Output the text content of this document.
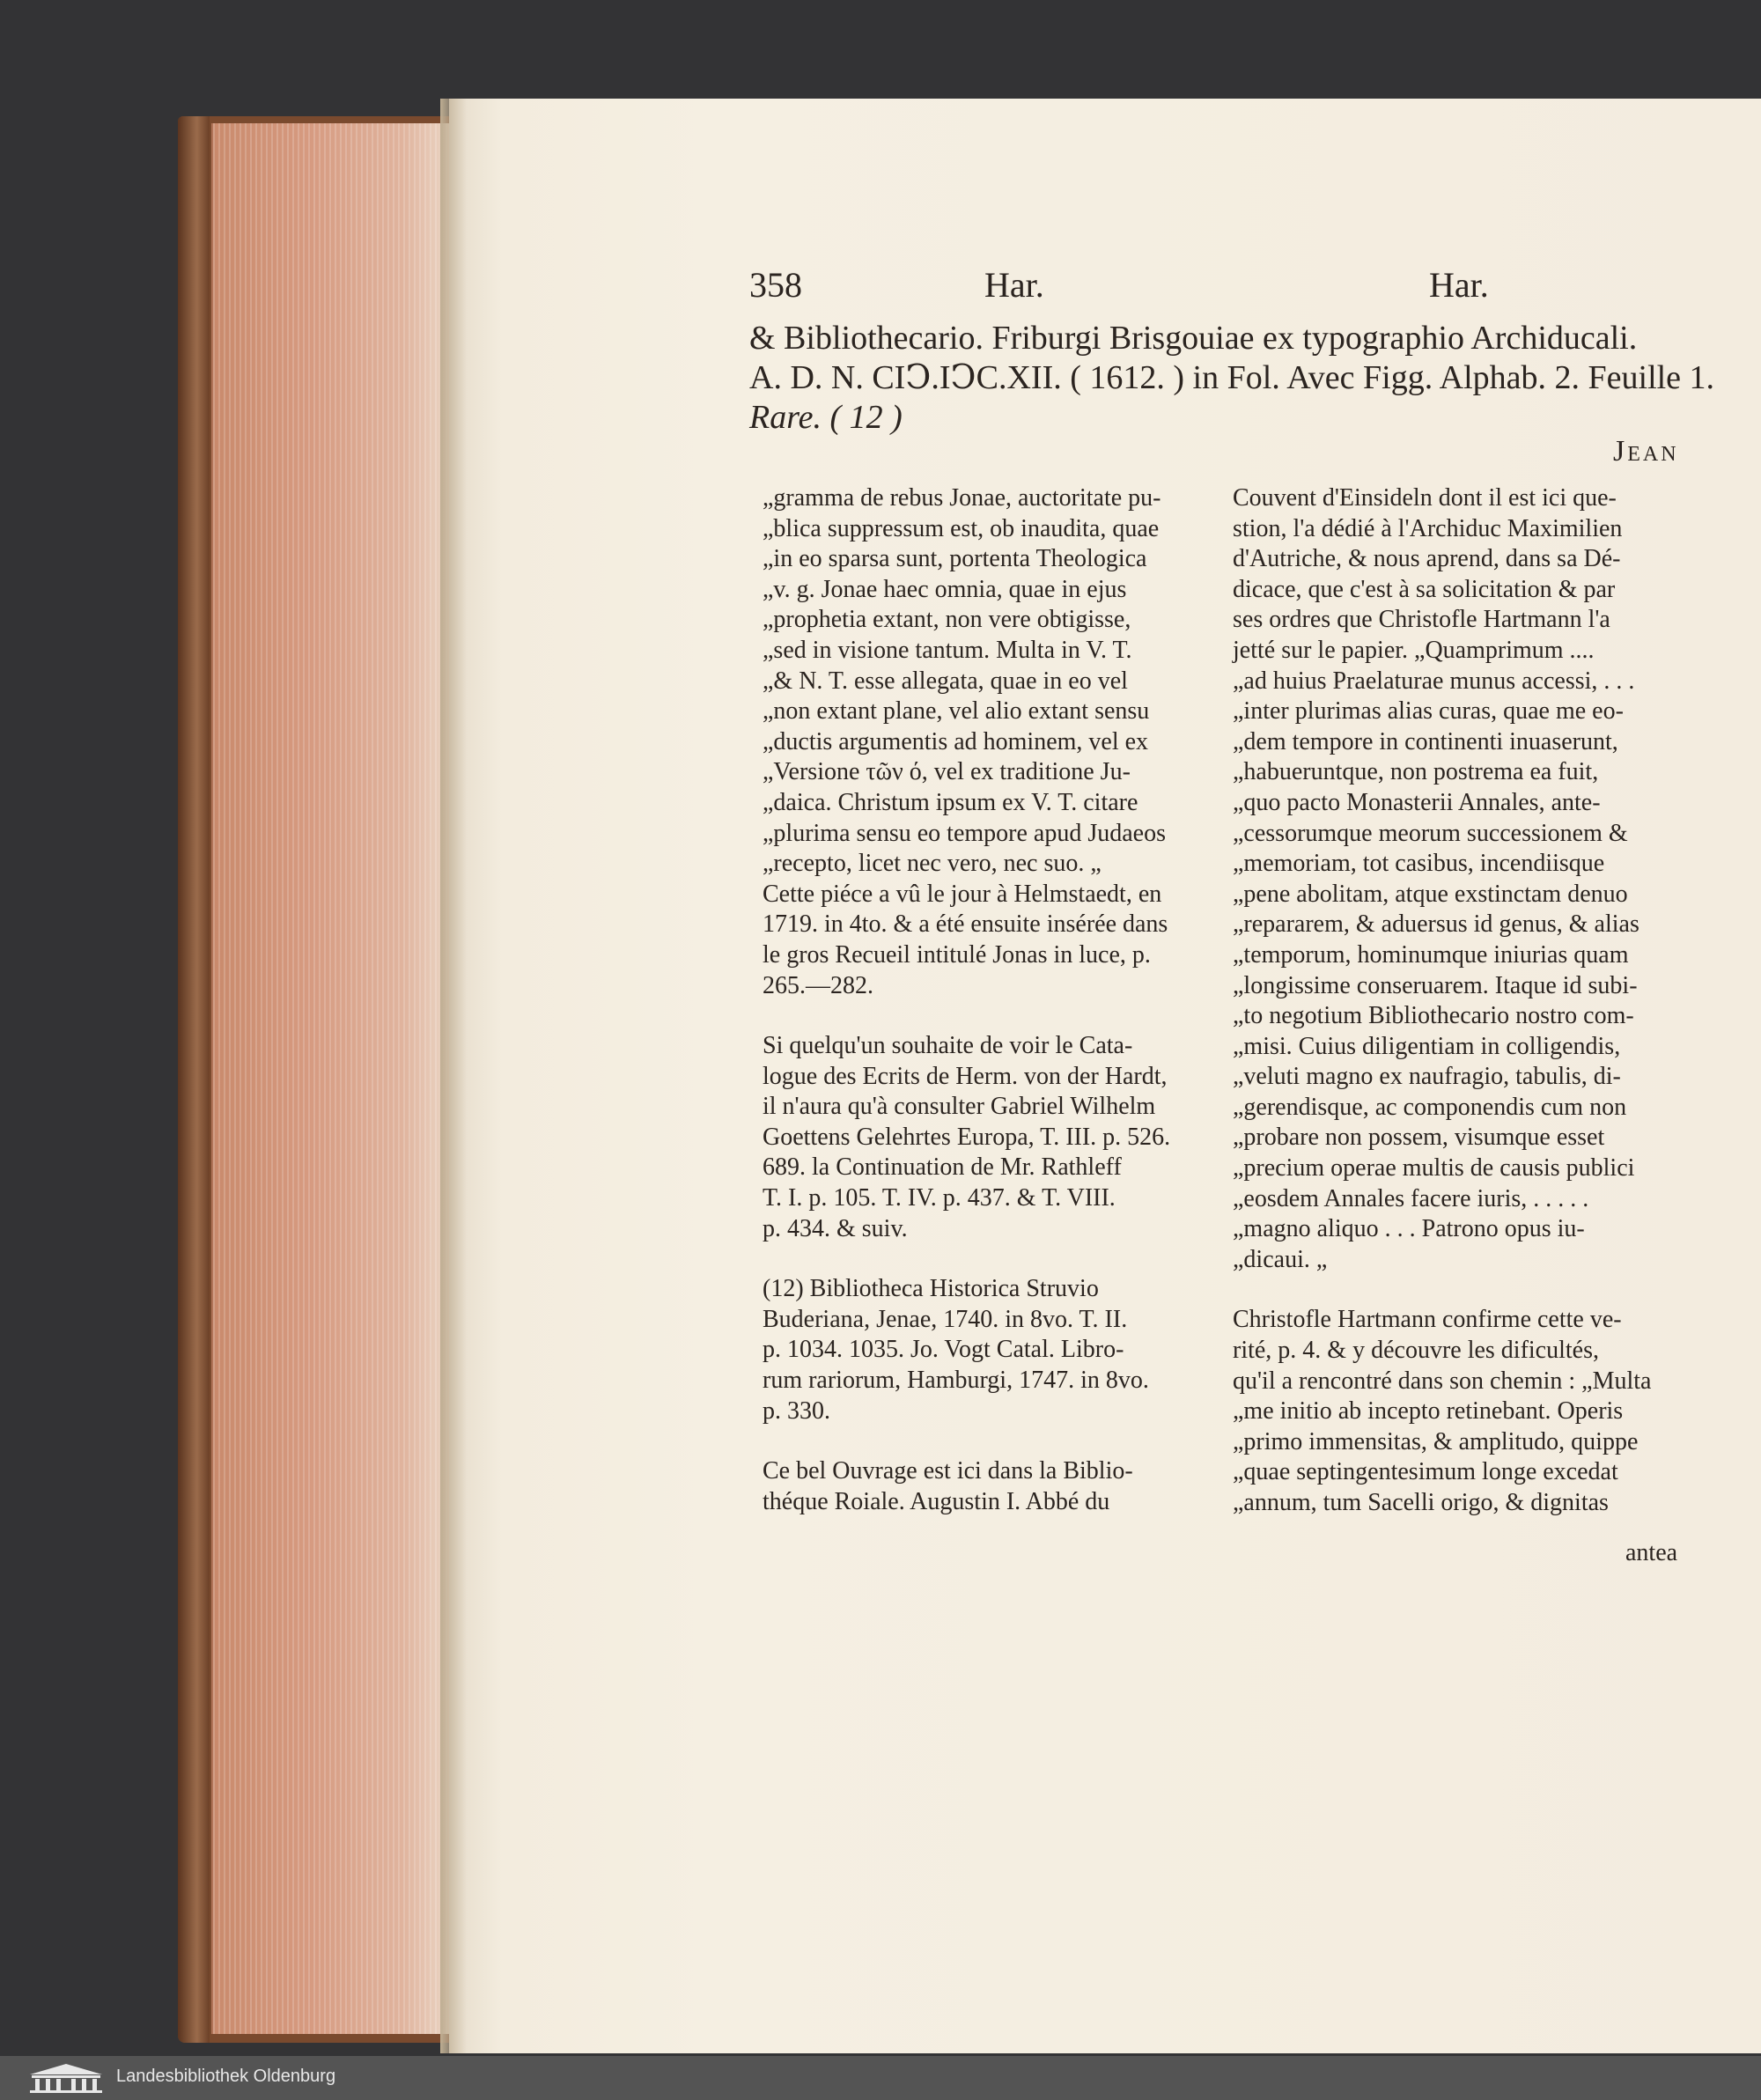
358	Har.	Har.
& Bibliothecario. Friburgi Brisgouiae ex typographio Archiducali.
A. D. N. CIↃ.IↃC.XII. ( 1612. ) in Fol. Avec Figg. Alphab. 2. Feuille 1.
Rare. ( 12 )
Jean
„gramma de rebus Jonae, auctoritate pu-
„blica suppressum est, ob inaudita, quae
„in eo sparsa sunt, portenta Theologica
„v. g. Jonae haec omnia, quae in ejus
„prophetia extant, non vere obtigisse,
„sed in visione tantum. Multa in V. T.
„& N. T. esse allegata, quae in eo vel
„non extant plane, vel alio extant sensu
„ductis argumentis ad hominem, vel ex
„Versione τῶν ό, vel ex traditione Ju-
„daica. Christum ipsum ex V. T. citare
„plurima sensu eo tempore apud Judaeos
„recepto, licet nec vero, nec suo. „
Cette piéce a vû le jour à Helmstaedt, en
1719. in 4to. & a été ensuite insérée dans
le gros Recueil intitulé Jonas in luce, p.
265.—282.
Si quelqu'un souhaite de voir le Cata-
logue des Ecrits de Herm. von der Hardt,
il n'aura qu'à consulter Gabriel Wilhelm
Goettens Gelehrtes Europa, T. III. p. 526.
689. la Continuation de Mr. Rathleff
T. I. p. 105. T. IV. p. 437. & T. VIII.
p. 434. & suiv.
(12) Bibliotheca Historica Struvio
Buderiana, Jenae, 1740. in 8vo. T. II.
p. 1034. 1035. Jo. Vogt Catal. Libro-
rum rariorum, Hamburgi, 1747. in 8vo.
p. 330.
Ce bel Ouvrage est ici dans la Biblio-
théque Roiale. Augustin I. Abbé du
Couvent d'Einsideln dont il est ici que-
stion, l'a dédié à l'Archiduc Maximilien
d'Autriche, & nous aprend, dans sa Dé-
dicace, que c'est à sa solicitation & par
ses ordres que Christofle Hartmann l'a
jetté sur le papier. „Quamprimum ....
„ad huius Praelaturae munus accessi, . . .
„inter plurimas alias curas, quae me eo-
„dem tempore in continenti inuaserunt,
„habueruntque, non postrema ea fuit,
„quo pacto Monasterii Annales, ante-
„cessorumque meorum successionem &
„memoriam, tot casibus, incendiisque
„pene abolitam, atque exstinctam denuo
„repararem, & aduersus id genus, & alias
„temporum, hominumque iniurias quam
„longissime conseruarem. Itaque id subi-
„to negotium Bibliothecario nostro com-
„misi. Cuius diligentiam in colligendis,
„veluti magno ex naufragio, tabulis, di-
„gerendisque, ac componendis cum non
„probare non possem, visumque esset
„precium operae multis de causis publici
„eosdem Annales facere iuris, . . . . .
„magno aliquo . . . Patrono opus iu-
„dicaui. „
Christofle Hartmann confirme cette ve-
rité, p. 4. & y découvre les dificultés,
qu'il a rencontré dans son chemin : „Multa
„me initio ab incepto retinebant. Operis
„primo immensitas, & amplitudo, quippe
„quae septingentesimum longe excedat
„annum, tum Sacelli origo, & dignitas
antea
Landesbibliothek Oldenburg
